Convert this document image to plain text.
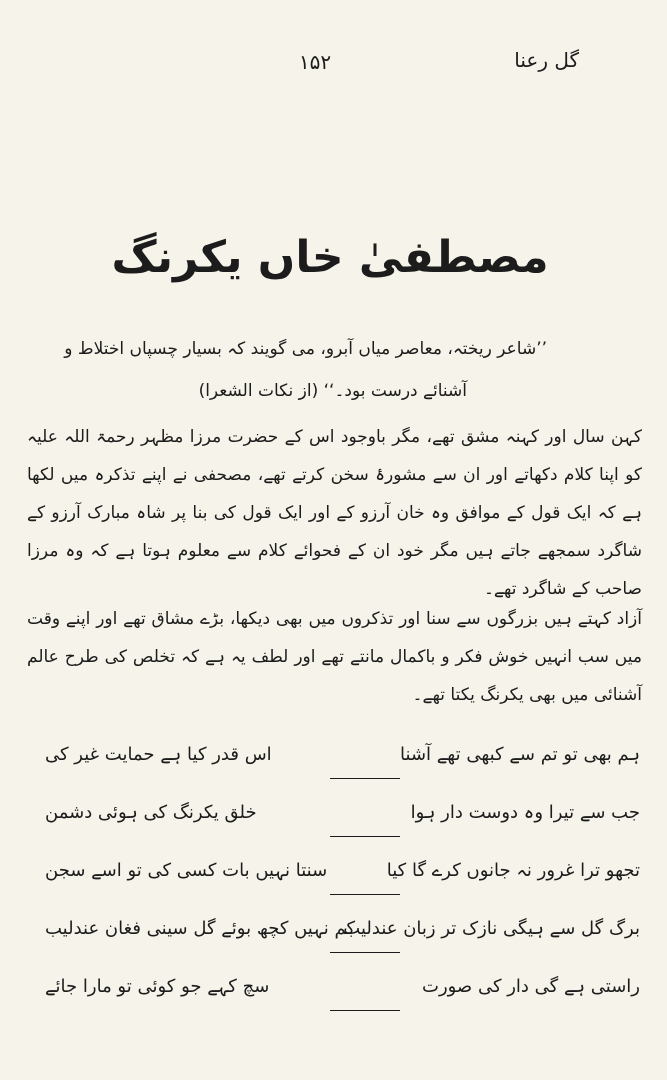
گل رعنا
۱۵۲
مصطفیٰ خاں یکرنگ
’’شاعر ریختہ، معاصر میاں آبرو، می گویند کہ بسیار چسپاں اختلاط و
آشنائے درست بود۔‘‘ (از نکات الشعرا)
کہن سال اور کہنہ مشق تھے، مگر باوجود اس کے حضرت مرزا مظہر رحمۃ اللہ علیہ کو اپنا کلام دکھاتے اور ان سے مشورۂ سخن کرتے تھے، مصحفی نے اپنے تذکرہ میں لکھا ہے کہ ایک قول کے موافق وہ خان آرزو کے اور ایک قول کی بنا پر شاہ مبارک آرزو کے شاگرد سمجھے جاتے ہیں مگر خود ان کے فحوائے کلام سے معلوم ہوتا ہے کہ وہ مرزا صاحب کے شاگرد تھے۔
آزاد کہتے ہیں بزرگوں سے سنا اور تذکروں میں بھی دیکھا، بڑے مشاق تھے اور اپنے وقت میں سب انہیں خوش فکر و باکمال مانتے تھے اور لطف یہ ہے کہ تخلص کی طرح عالم آشنائی میں بھی یکرنگ یکتا تھے۔
ہم بھی تو تم سے کبھی تھے آشنا
اس قدر کیا ہے حمایت غیر کی
جب سے تیرا وہ دوست دار ہوا
خلق یکرنگ کی ہوئی دشمن
تجھو ترا غرور نہ جانوں کرے گا کیا
سنتا نہیں بات کسی کی تو اسے سجن
برگ گل سے ہیگی نازک تر زبان عندلیب
کم نہیں کچھ بوئے گل سینی فغان عندلیب
راستی ہے گی دار کی صورت
سچ کہے جو کوئی تو مارا جائے
